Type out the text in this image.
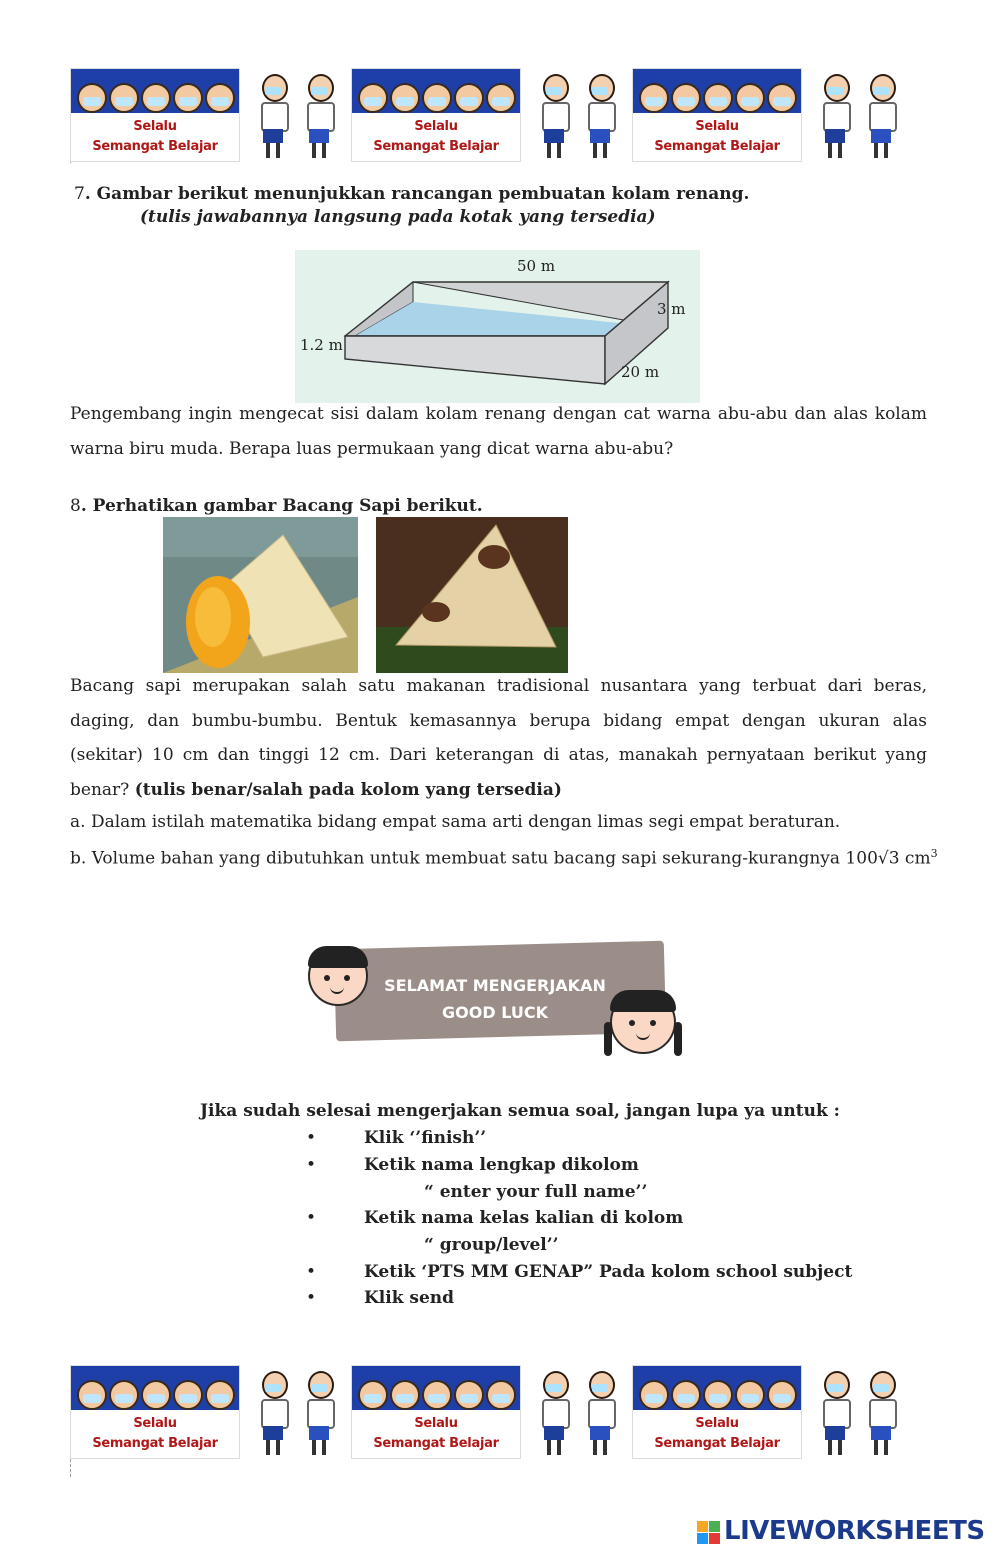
Selalu
Semangat Belajar
Selalu
Semangat Belajar
Selalu
Semangat Belajar
7. Gambar berikut menunjukkan rancangan pembuatan kolam renang.
(tulis jawabannya langsung pada kotak yang tersedia)
50 m
3 m
1.2 m
20 m
Pengembang ingin mengecat sisi dalam kolam renang dengan cat warna abu-abu dan alas kolam warna biru muda. Berapa luas permukaan yang dicat warna abu-abu?
8. Perhatikan gambar Bacang Sapi berikut.
Bacang sapi merupakan salah satu makanan tradisional nusantara yang terbuat dari beras, daging, dan bumbu-bumbu. Bentuk kemasannya berupa bidang empat dengan ukuran alas (sekitar) 10 cm dan tinggi 12 cm. Dari keterangan di atas, manakah pernyataan berikut yang benar? (tulis benar/salah pada kolom yang tersedia)
a. Dalam istilah matematika bidang empat sama arti dengan limas segi empat beraturan.
b. Volume bahan yang dibutuhkan untuk membuat satu bacang sapi sekurang-kurangnya 100√3 $cm^3$
SELAMAT MENGERJAKAN
GOOD LUCK
Jika sudah selesai mengerjakan semua soal, jangan lupa ya untuk :
•	Klik ‘’finish’’
•	Ketik nama lengkap dikolom
“ enter your full name’’
•	Ketik nama kelas kalian di kolom
“ group/level’’
•	Ketik ‘PTS MM GENAP” Pada kolom school subject
•	Klik send
Selalu
Semangat Belajar
Selalu
Semangat Belajar
Selalu
Semangat Belajar
LIVEWORKSHEETS
